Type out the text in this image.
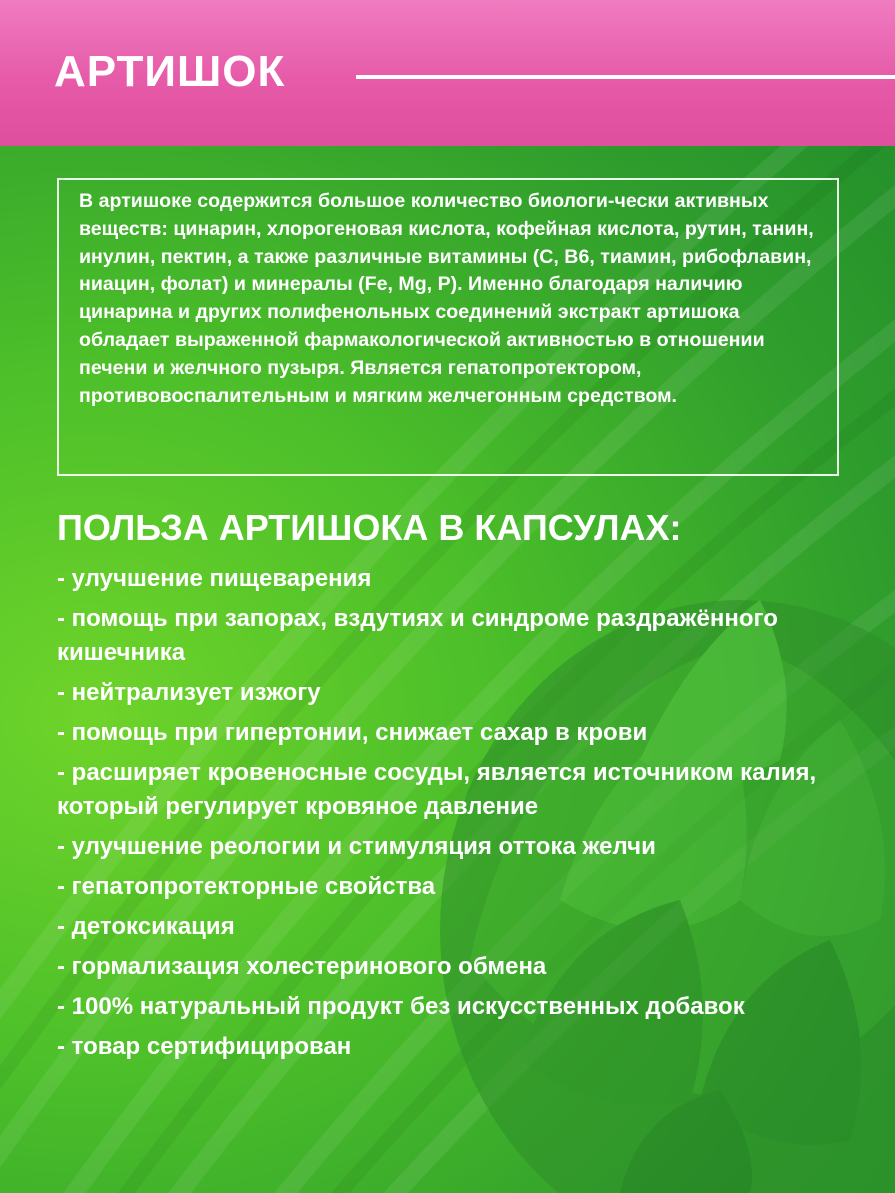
АРТИШОК

В артишоке содержится большое количество биологи-чески активных веществ: цинарин, хлорогеновая кислота, кофейная кислота, рутин, танин, инулин, пектин, а также различные витамины (C, B6, тиамин, рибофлавин, ниацин, фолат) и минералы (Fe, Mg, P). Именно благодаря наличию цинарина и других полифенольных соединений экстракт артишока обладает выраженной фармакологической активностью в отношении печени и желчного пузыря. Является гепатопротектором, противовоспалительным и мягким желчегонным средством.

ПОЛЬЗА АРТИШОКА В КАПСУЛАХ:
- улучшение пищеварения
- помощь при запорах, вздутиях и синдроме раздражённого кишечника
- нейтрализует изжогу
- помощь при гипертонии, снижает сахар в крови
- расширяет кровеносные сосуды, является источником калия, который регулирует кровяное давление
- улучшение реологии и стимуляция оттока желчи
- гепатопротекторные свойства
- детоксикация
- гормализация холестеринового обмена
- 100% натуральный продукт без искусственных добавок
- товар сертифицирован
